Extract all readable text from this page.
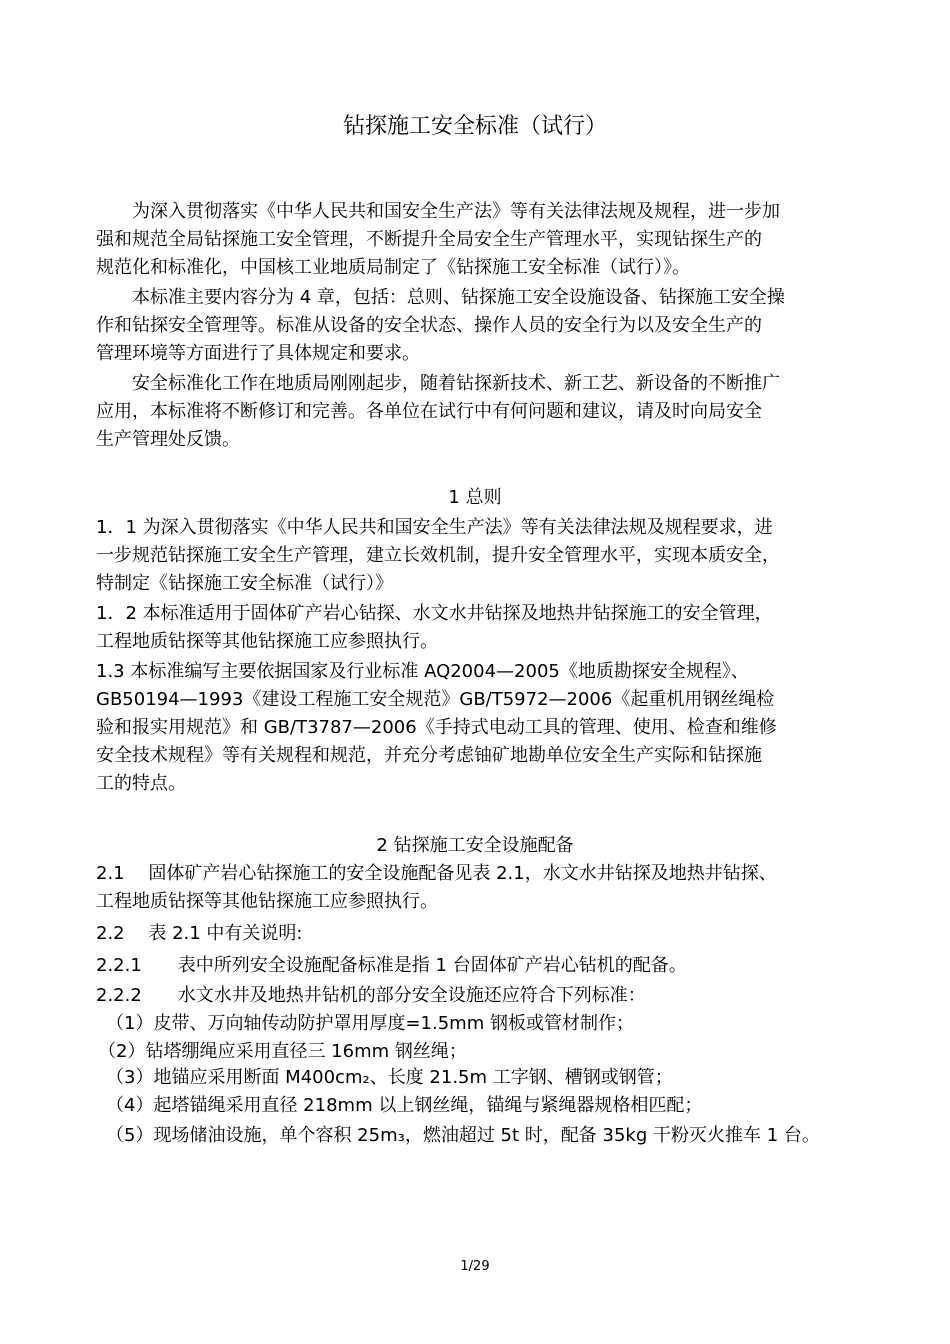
钻探施工安全标准（试行）
为深入贯彻落实《中华人民共和国安全生产法》等有关法律法规及规程，进一步加
强和规范全局钻探施工安全管理，不断提升全局安全生产管理水平，实现钻探生产的
规范化和标准化，中国核工业地质局制定了《钻探施工安全标准（试行）》。
本标准主要内容分为 4 章，包括：总则、钻探施工安全设施设备、钻探施工安全操
作和钻探安全管理等。标准从设备的安全状态、操作人员的安全行为以及安全生产的
管理环境等方面进行了具体规定和要求。
安全标准化工作在地质局刚刚起步，随着钻探新技术、新工艺、新设备的不断推广
应用，本标准将不断修订和完善。各单位在试行中有何问题和建议，请及时向局安全
生产管理处反馈。
1 总则
1．1 为深入贯彻落实《中华人民共和国安全生产法》等有关法律法规及规程要求，进
一步规范钻探施工安全生产管理，建立长效机制，提升安全管理水平，实现本质安全，
特制定《钻探施工安全标准（试行）》
1．2 本标准适用于固体矿产岩心钻探、水文水井钻探及地热井钻探施工的安全管理，
工程地质钻探等其他钻探施工应参照执行。
1.3 本标准编写主要依据国家及行业标准 AQ2004—2005《地质勘探安全规程》、
GB50194—1993《建设工程施工安全规范》GB/T5972—2006《起重机用钢丝绳检
验和报实用规范》和 GB/T3787—2006《手持式电动工具的管理、使用、检查和维修
安全技术规程》等有关规程和规范，并充分考虑铀矿地勘单位安全生产实际和钻探施
工的特点。
2 钻探施工安全设施配备
2.1　 固体矿产岩心钻探施工的安全设施配备见表 2.1，水文水井钻探及地热井钻探、
工程地质钻探等其他钻探施工应参照执行。
2.2　 表 2.1 中有关说明:
2.2.1　　表中所列安全设施配备标准是指 1 台固体矿产岩心钻机的配备。
2.2.2　　水文水井及地热井钻机的部分安全设施还应符合下列标准：
（1）皮带、万向轴传动防护罩用厚度=1.5mm 钢板或管材制作；
（2）钻塔绷绳应采用直径三 16mm 钢丝绳；
（3）地锚应采用断面 M400cm₂、长度 21.5m 工字钢、槽钢或钢管；
（4）起塔锚绳采用直径 218mm 以上钢丝绳，锚绳与紧绳器规格相匹配；
（5）现场储油设施，单个容积 25m₃，燃油超过 5t 时，配备 35kg 干粉灭火推车 1 台。
1/29
